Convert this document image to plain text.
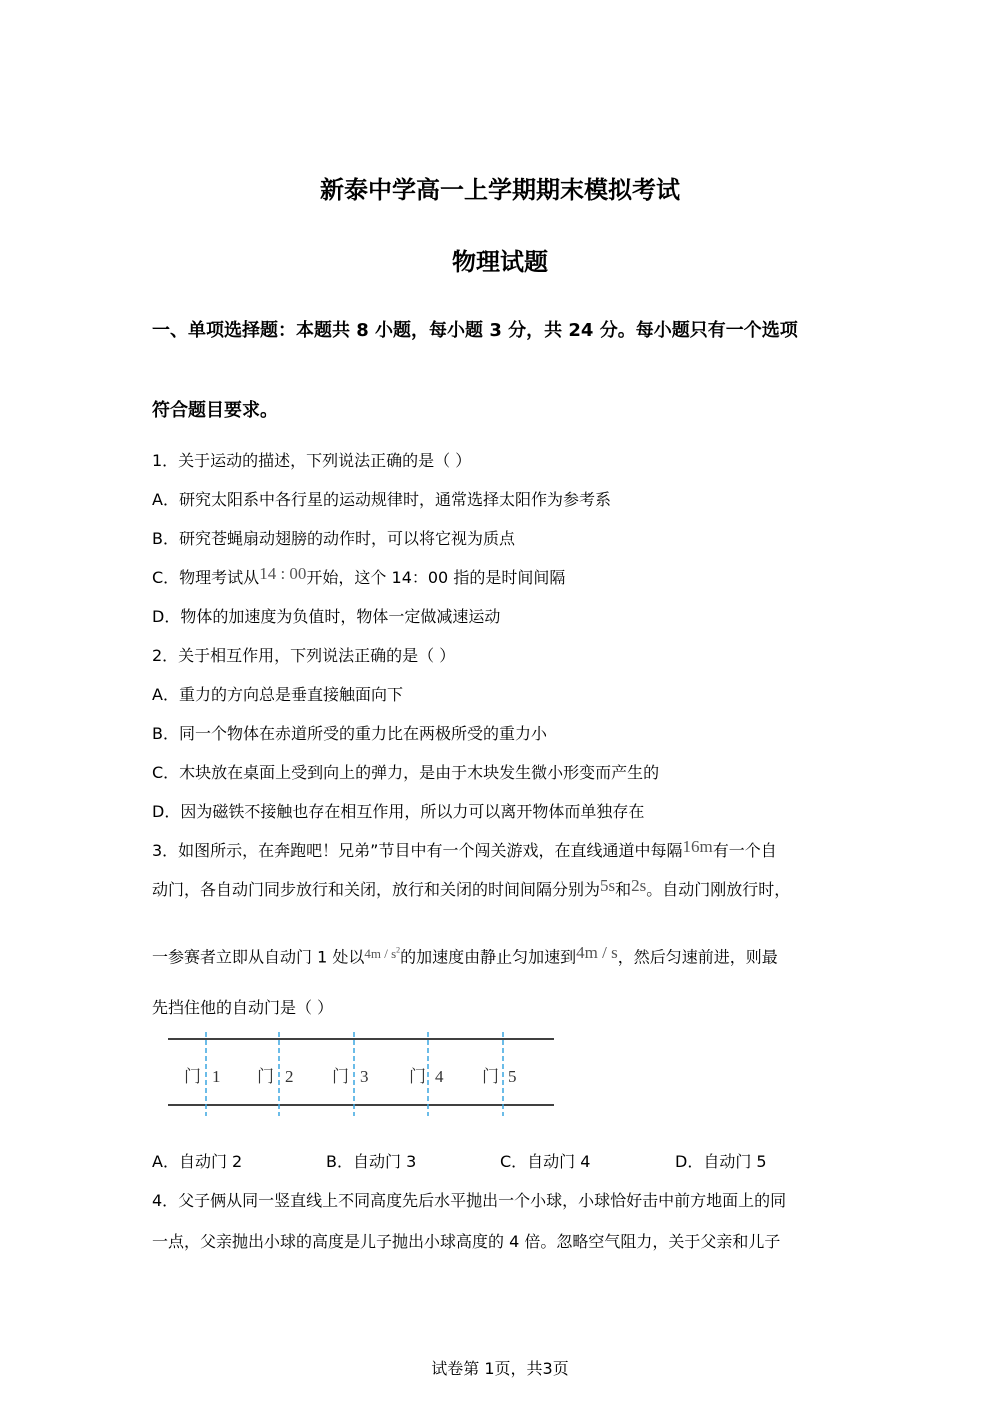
新泰中学高一上学期期末模拟考试
物理试题
一、单项选择题：本题共 8 小题，每小题 3 分，共 24 分。每小题只有一个选项
符合题目要求。
1．关于运动的描述，下列说法正确的是（ ）
A．研究太阳系中各行星的运动规律时，通常选择太阳作为参考系
B．研究苍蝇扇动翅膀的动作时，可以将它视为质点
C．物理考试从14 : 00开始，这个 14：00 指的是时间间隔
D．物体的加速度为负值时，物体一定做减速运动
2．关于相互作用，下列说法正确的是（ ）
A．重力的方向总是垂直接触面向下
B．同一个物体在赤道所受的重力比在两极所受的重力小
C．木块放在桌面上受到向上的弹力，是由于木块发生微小形变而产生的
D．因为磁铁不接触也存在相互作用，所以力可以离开物体而单独存在
3．如图所示，在奔跑吧！兄弟”节目中有一个闯关游戏，在直线通道中每隔16m有一个自
动门，各自动门同步放行和关闭，放行和关闭的时间间隔分别为5s和2s。自动门刚放行时，
一参赛者立即从自动门 1 处以$^{4m / s^2}$的加速度由静止匀加速到4m / s，然后匀速前进，则最
先挡住他的自动门是（ ）
门 1 门 2 门 3 门 4 门 5
A．自动门 2	B．自动门 3	C．自动门 4	D．自动门 5
4．父子俩从同一竖直线上不同高度先后水平抛出一个小球，小球恰好击中前方地面上的同
一点，父亲抛出小球的高度是儿子抛出小球高度的 4 倍。忽略空气阻力，关于父亲和儿子
试卷第 1页，共3页
